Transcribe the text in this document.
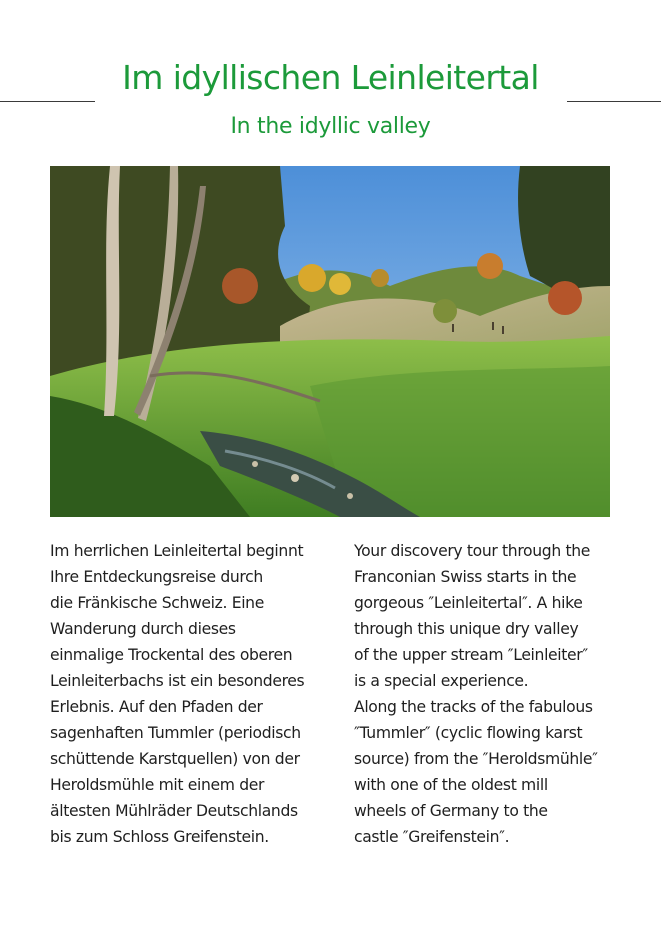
Im idyllischen Leinleitertal
In the idyllic valley
Im herrlichen Leinleitertal beginnt
Ihre Entdeckungsreise durch
die Fränkische Schweiz. Eine
Wanderung durch dieses
einmalige Trockental des oberen
Leinleiterbachs ist ein besonderes
Erlebnis. Auf den Pfaden der
sagenhaften Tummler (periodisch
schüttende Karstquellen) von der
Heroldsmühle mit einem der
ältesten Mühlräder Deutschlands
bis zum Schloss Greifenstein.
Your discovery tour through the
Franconian Swiss starts in the
gorgeous ″Leinleitertal″. A hike
through this unique dry valley
of the upper stream ″Leinleiter″
is a special experience.
Along the tracks of the fabulous
″Tummler″ (cyclic flowing karst
source) from the ″Heroldsmühle″
with one of the oldest mill
wheels of Germany to the
castle ″Greifenstein″.
